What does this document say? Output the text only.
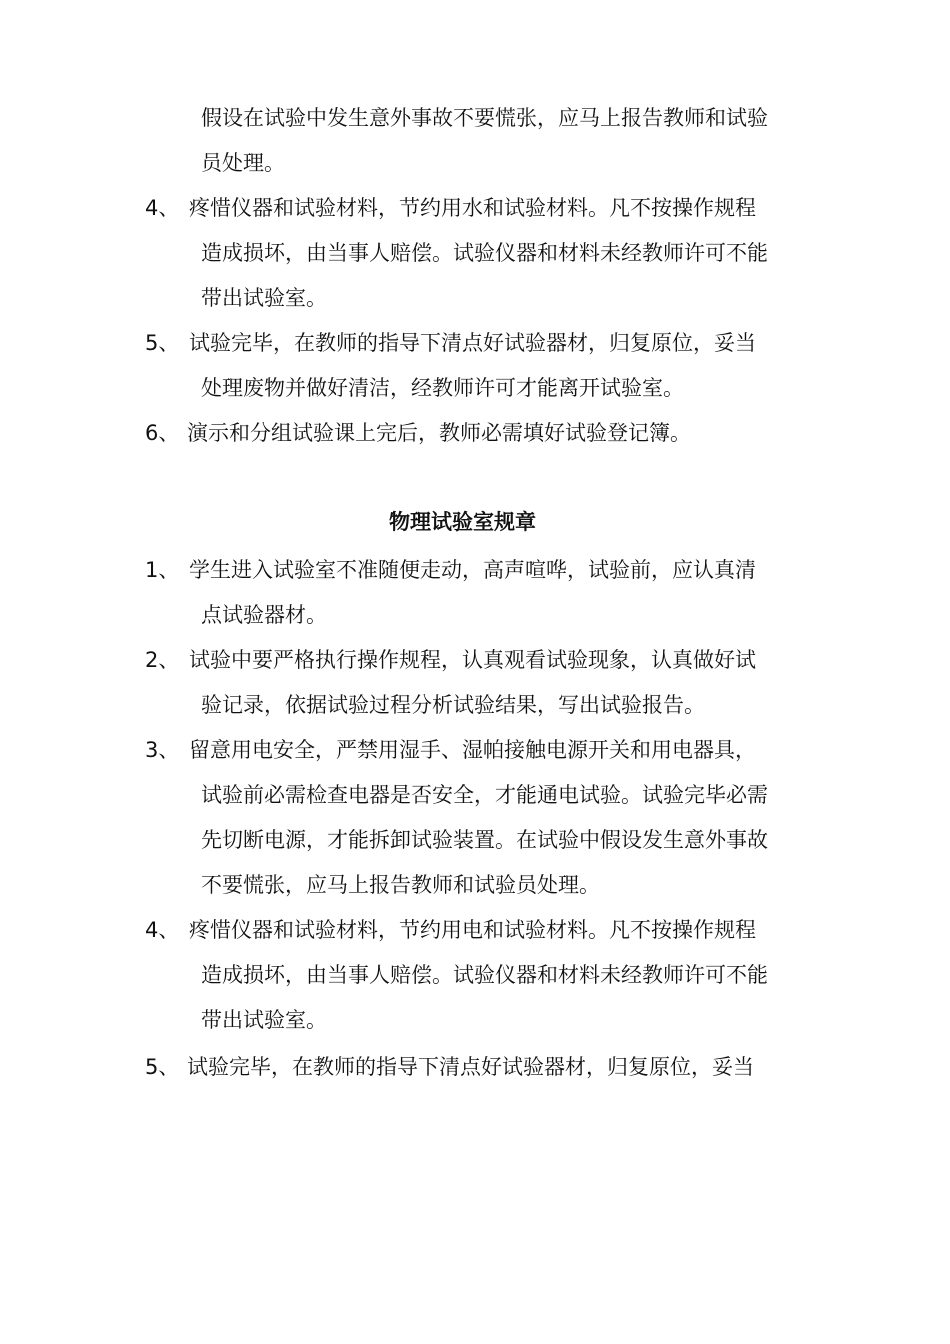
假设在试验中发生意外事故不要慌张，应马上报告教师和试验
员处理。
4、 疼惜仪器和试验材料，节约用水和试验材料。凡不按操作规程
造成损坏，由当事人赔偿。试验仪器和材料未经教师许可不能
带出试验室。
5、 试验完毕，在教师的指导下清点好试验器材，归复原位，妥当
处理废物并做好清洁，经教师许可才能离开试验室。
6、 演示和分组试验课上完后，教师必需填好试验登记簿。
物理试验室规章
1、 学生进入试验室不准随便走动，高声喧哗，试验前，应认真清
点试验器材。
2、 试验中要严格执行操作规程，认真观看试验现象，认真做好试
验记录，依据试验过程分析试验结果，写出试验报告。
3、 留意用电安全，严禁用湿手、湿帕接触电源开关和用电器具，
试验前必需检查电器是否安全，才能通电试验。试验完毕必需
先切断电源，才能拆卸试验装置。在试验中假设发生意外事故
不要慌张，应马上报告教师和试验员处理。
4、 疼惜仪器和试验材料，节约用电和试验材料。凡不按操作规程
造成损坏，由当事人赔偿。试验仪器和材料未经教师许可不能
带出试验室。
5、 试验完毕，在教师的指导下清点好试验器材，归复原位，妥当
